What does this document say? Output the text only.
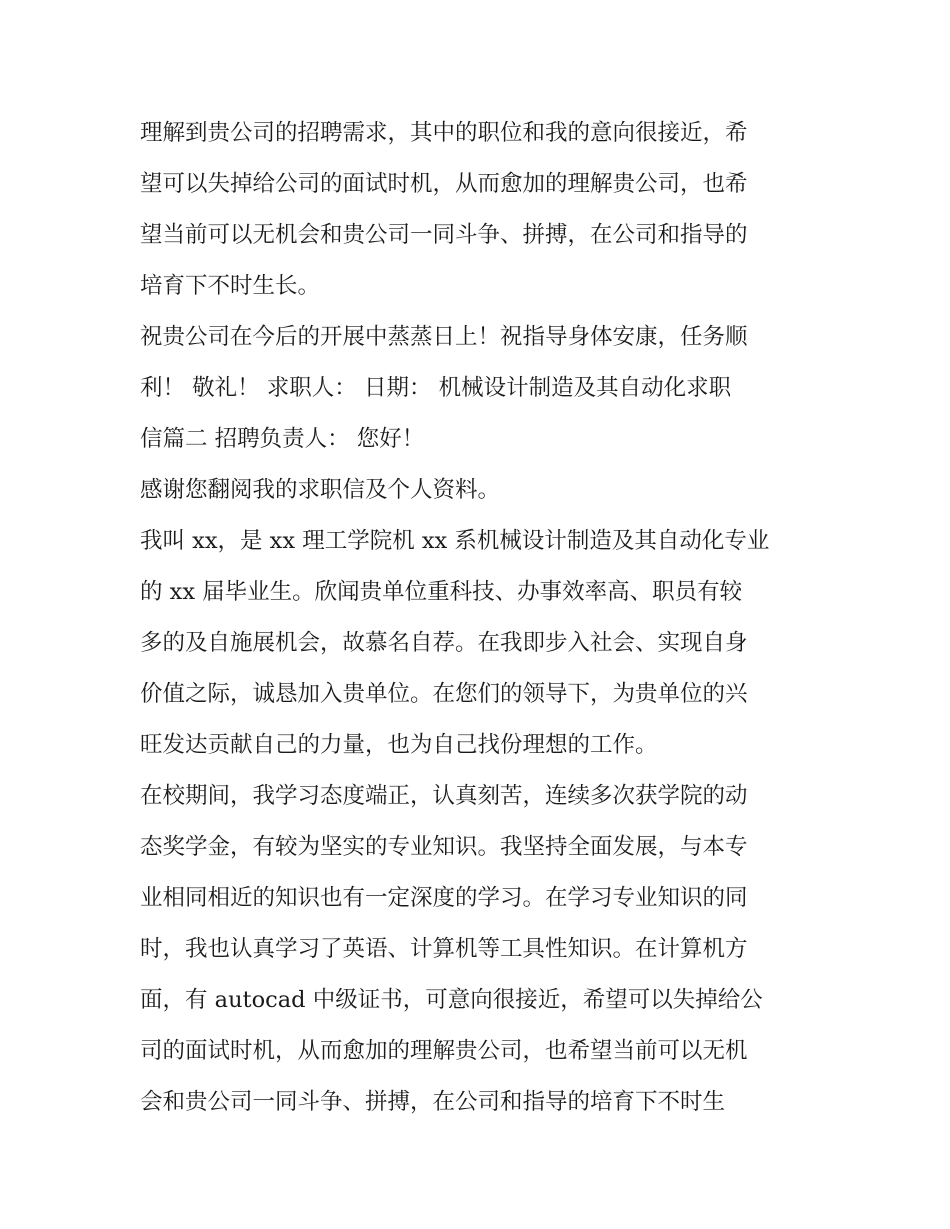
理解到贵公司的招聘需求，其中的职位和我的意向很接近，希
望可以失掉给公司的面试时机，从而愈加的理解贵公司，也希
望当前可以无机会和贵公司一同斗争、拼搏，在公司和指导的
培育下不时生长。
祝贵公司在今后的开展中蒸蒸日上！祝指导身体安康，任务顺
利！ 敬礼！ 求职人： 日期： 机械设计制造及其自动化求职
信篇二 招聘负责人： 您好！
感谢您翻阅我的求职信及个人资料。
我叫 xx，是 xx 理工学院机 xx 系机械设计制造及其自动化专业
的 xx 届毕业生。欣闻贵单位重科技、办事效率高、职员有较
多的及自施展机会，故慕名自荐。在我即步入社会、实现自身
价值之际，诚恳加入贵单位。在您们的领导下，为贵单位的兴
旺发达贡献自己的力量，也为自己找份理想的工作。
在校期间，我学习态度端正，认真刻苦，连续多次获学院的动
态奖学金，有较为坚实的专业知识。我坚持全面发展，与本专
业相同相近的知识也有一定深度的学习。在学习专业知识的同
时，我也认真学习了英语、计算机等工具性知识。在计算机方
面，有 autocad 中级证书，可意向很接近，希望可以失掉给公
司的面试时机，从而愈加的理解贵公司，也希望当前可以无机
会和贵公司一同斗争、拼搏，在公司和指导的培育下不时生
